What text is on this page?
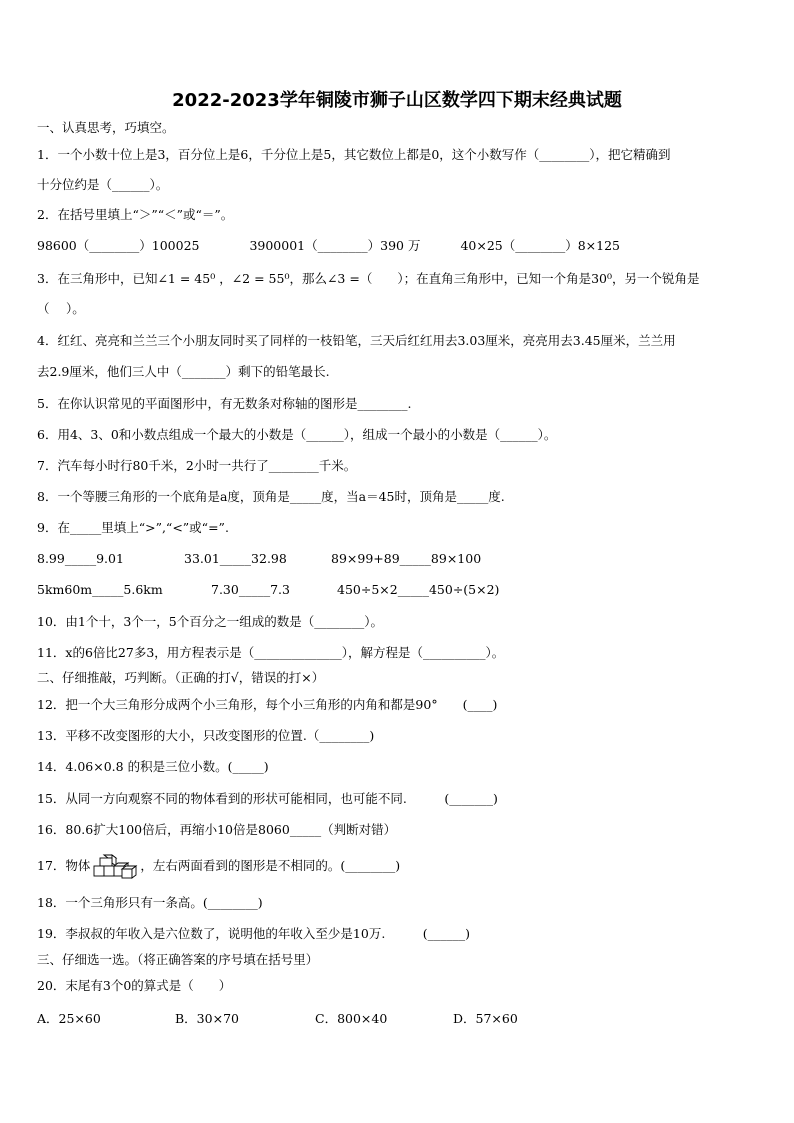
2022-2023学年铜陵市狮子山区数学四下期末经典试题
一、认真思考，巧填空。
1．一个小数十位上是3，百分位上是6，千分位上是5，其它数位上都是0，这个小数写作（________），把它精确到
十分位约是（______）。
2．在括号里填上“＞”“＜”或“＝”。
98600（________）100025	3900001（________）390 万	40×25（________）8×125
3．在三角形中，已知∠1 = 45⁰ ，∠2 = 55⁰，那么∠3 =（　　）；在直角三角形中，已知一个角是30⁰，另一个锐角是
（　 ）。
4．红红、亮亮和兰兰三个小朋友同时买了同样的一枝铅笔，三天后红红用去3.03厘米，亮亮用去3.45厘米，兰兰用
去2.9厘米，他们三人中（_______）剩下的铅笔最长.
5．在你认识常见的平面图形中，有无数条对称轴的图形是________.
6．用4、3、0和小数点组成一个最大的小数是（______），组成一个最小的小数是（______）。
7．汽车每小时行80千米，2小时一共行了________千米。
8．一个等腰三角形的一个底角是a度，顶角是_____度，当a＝45时，顶角是_____度.
9．在_____里填上“>”,“<”或“=”.
8.99_____9.01	33.01_____32.98	89×99+89_____89×100
5km60m_____5.6km	7.30_____7.3	450÷5×2_____450÷(5×2)
10．由1个十，3个一，5个百分之一组成的数是（________）。
11．x的6倍比27多3，用方程表示是（______________），解方程是（__________）。
二、仔细推敲，巧判断。（正确的打√，错误的打×）
12．把一个大三角形分成两个小三角形，每个小三角形的内角和都是90°　　(____)
13．平移不改变图形的大小，只改变图形的位置.（________)
14．4.06×0.8 的积是三位小数。(_____)
15．从同一方向观察不同的物体看到的形状可能相同，也可能不同.　　　(_______)
16．80.6扩大100倍后，再缩小10倍是8060_____（判断对错）
17．物体	，左右两面看到的图形是不相同的。(________)
18．一个三角形只有一条高。(________)
19．李叔叔的年收入是六位数了，说明他的年收入至少是10万.　　　(______)
三、仔细选一选。（将正确答案的序号填在括号里）
20．末尾有3个0的算式是（　　）
A．25×60	B．30×70	C．800×40	D．57×60
